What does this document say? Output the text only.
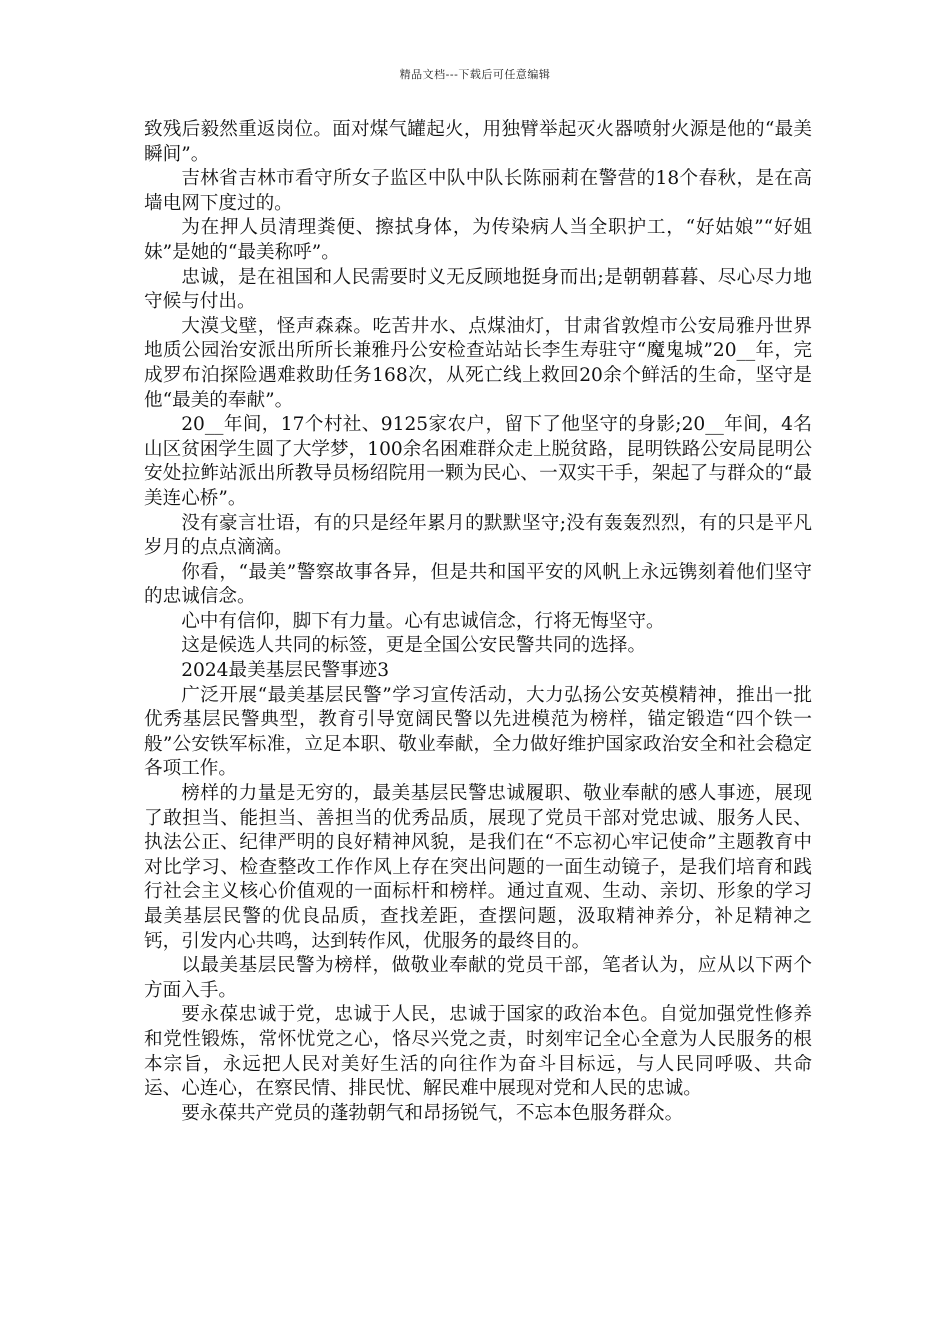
精品文档---下载后可任意编辑

致残后毅然重返岗位。面对煤气罐起火，用独臂举起灭火器喷射火源是他的“最美瞬间”。

吉林省吉林市看守所女子监区中队中队长陈丽莉在警营的18个春秋，是在高墙电网下度过的。

为在押人员清理粪便、擦拭身体，为传染病人当全职护工，“好姑娘”“好姐妹”是她的“最美称呼”。

忠诚，是在祖国和人民需要时义无反顾地挺身而出;是朝朝暮暮、尽心尽力地守候与付出。

大漠戈壁，怪声森森。吃苦井水、点煤油灯，甘肃省敦煌市公安局雅丹世界地质公园治安派出所所长兼雅丹公安检查站站长李生寿驻守“魔鬼城”20__年，完成罗布泊探险遇难救助任务168次，从死亡线上救回20余个鲜活的生命，坚守是他“最美的奉献”。

20__年间，17个村社、9125家农户，留下了他坚守的身影;20__年间，4名山区贫困学生圆了大学梦，100余名困难群众走上脱贫路，昆明铁路公安局昆明公安处拉鲊站派出所教导员杨绍院用一颗为民心、一双实干手，架起了与群众的“最美连心桥”。

没有豪言壮语，有的只是经年累月的默默坚守;没有轰轰烈烈，有的只是平凡岁月的点点滴滴。

你看，“最美”警察故事各异，但是共和国平安的风帆上永远镌刻着他们坚守的忠诚信念。

心中有信仰，脚下有力量。心有忠诚信念，行将无悔坚守。

这是候选人共同的标签，更是全国公安民警共同的选择。

2024最美基层民警事迹3

广泛开展“最美基层民警”学习宣传活动，大力弘扬公安英模精神，推出一批优秀基层民警典型，教育引导宽阔民警以先进模范为榜样，锚定锻造“四个铁一般”公安铁军标准，立足本职、敬业奉献，全力做好维护国家政治安全和社会稳定各项工作。

榜样的力量是无穷的，最美基层民警忠诚履职、敬业奉献的感人事迹，展现了敢担当、能担当、善担当的优秀品质，展现了党员干部对党忠诚、服务人民、执法公正、纪律严明的良好精神风貌，是我们在“不忘初心牢记使命”主题教育中对比学习、检查整改工作作风上存在突出问题的一面生动镜子，是我们培育和践行社会主义核心价值观的一面标杆和榜样。通过直观、生动、亲切、形象的学习最美基层民警的优良品质，查找差距，查摆问题，汲取精神养分，补足精神之钙，引发内心共鸣，达到转作风，优服务的最终目的。

以最美基层民警为榜样，做敬业奉献的党员干部，笔者认为，应从以下两个方面入手。

要永葆忠诚于党，忠诚于人民，忠诚于国家的政治本色。自觉加强党性修养和党性锻炼，常怀忧党之心，恪尽兴党之责，时刻牢记全心全意为人民服务的根本宗旨，永远把人民对美好生活的向往作为奋斗目标远，与人民同呼吸、共命运、心连心，在察民情、排民忧、解民难中展现对党和人民的忠诚。

要永葆共产党员的蓬勃朝气和昂扬锐气，不忘本色服务群众。
